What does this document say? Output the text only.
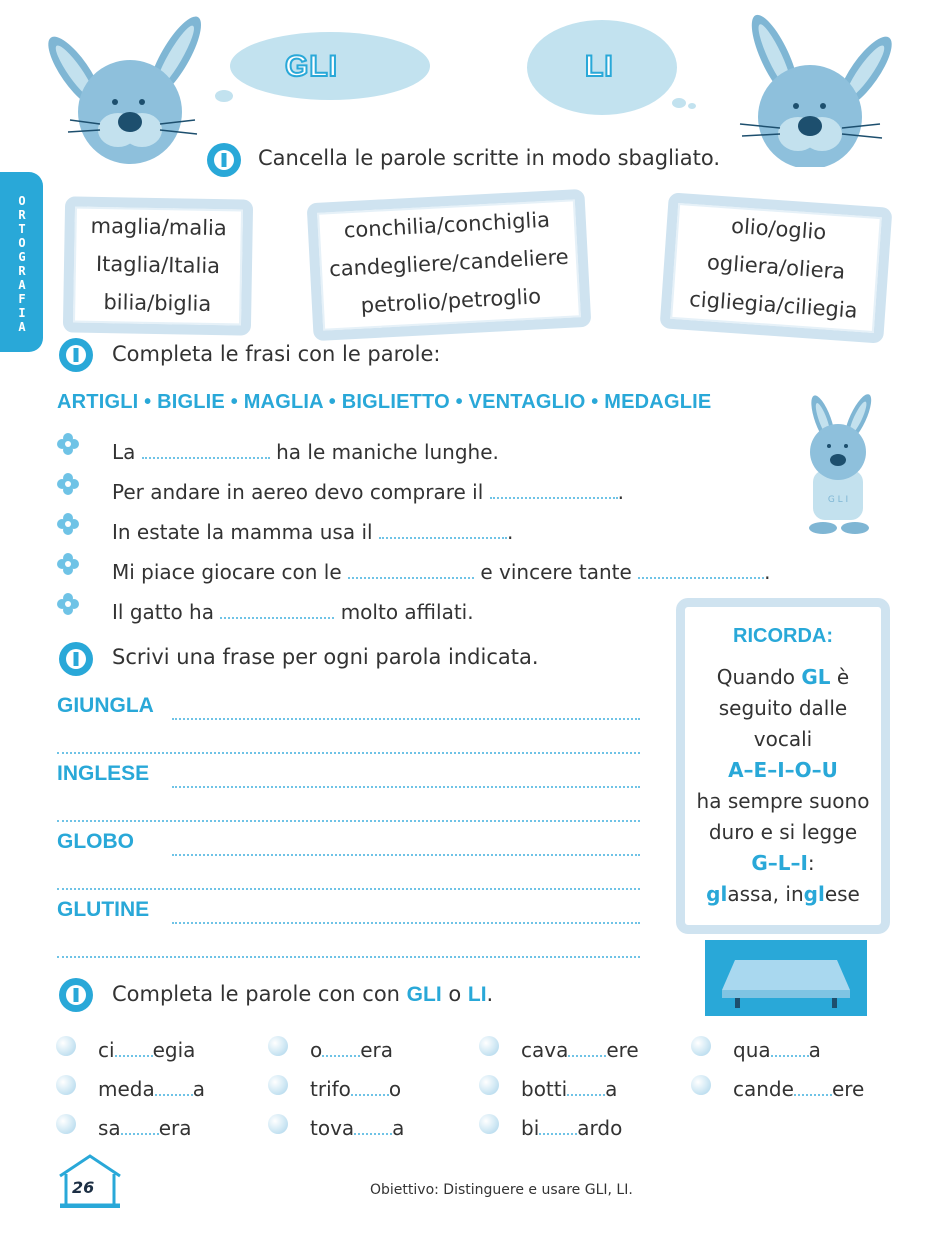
O
R
T
O
G
R
A
F
I
A
GLI	LI
Cancella le parole scritte in modo sbagliato.
maglia/malia
Itaglia/Italia
bilia/biglia
conchilia/conchiglia
candegliere/candeliere
petrolio/petroglio
olio/oglio
ogliera/oliera
cigliegia/ciliegia
Completa le frasi con le parole:
ARTIGLI • BIGLIE • MAGLIA • BIGLIETTO • VENTAGLIO • MEDAGLIE
G L I
La	ha le maniche lunghe.
Per andare in aereo devo comprare il	.
In estate la mamma usa il	.
Mi piace giocare con le	e vincere tante	.
Il gatto ha	molto affilati.
Scrivi una frase per ogni parola indicata.
GIUNGLA
INGLESE
GLOBO
GLUTINE
RICORDA:
Quando GL è
seguito dalle
vocali
A–E–I–O–U
ha sempre suono
duro e si legge
G–L–I:
glassa, inglese
Completa le parole con con GLI o LI.
ci egia	o era	cava ere	qua a
meda a	trifo o	botti a	cande ere
sa era	tova a	bi ardo
26	Obiettivo: Distinguere e usare GLI, LI.
